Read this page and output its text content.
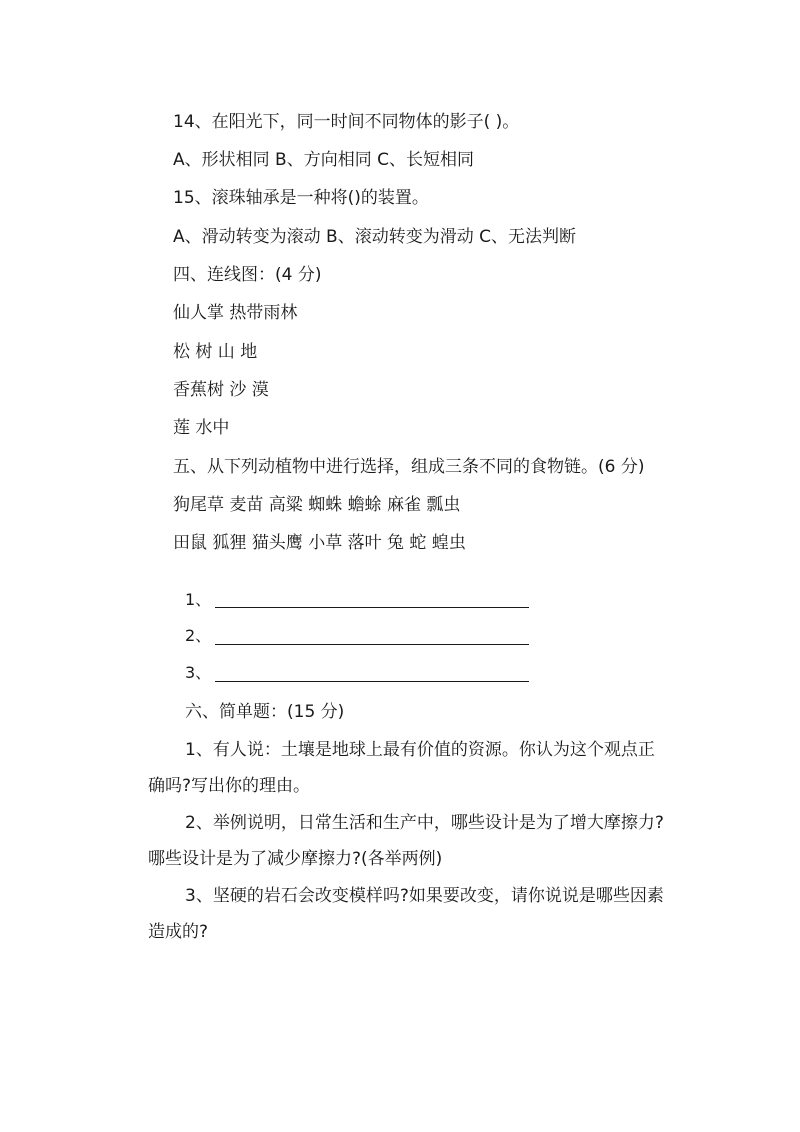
14、在阳光下，同一时间不同物体的影子( )。
A、形状相同 B、方向相同 C、长短相同
15、滚珠轴承是一种将()的装置。
A、滑动转变为滚动 B、滚动转变为滑动 C、无法判断
四、连线图：(4 分)
仙人掌 热带雨林
松 树 山 地
香蕉树 沙 漠
莲 水中
五、从下列动植物中进行选择，组成三条不同的食物链。(6 分)
狗尾草 麦苗 高粱 蜘蛛 蟾蜍 麻雀 瓢虫
田鼠 狐狸 猫头鹰 小草 落叶 兔 蛇 蝗虫
1、
2、
3、
六、简单题：(15 分)
1、有人说：土壤是地球上最有价值的资源。你认为这个观点正
确吗?写出你的理由。
2、举例说明，日常生活和生产中，哪些设计是为了增大摩擦力?
哪些设计是为了减少摩擦力?(各举两例)
3、坚硬的岩石会改变模样吗?如果要改变，请你说说是哪些因素
造成的?
